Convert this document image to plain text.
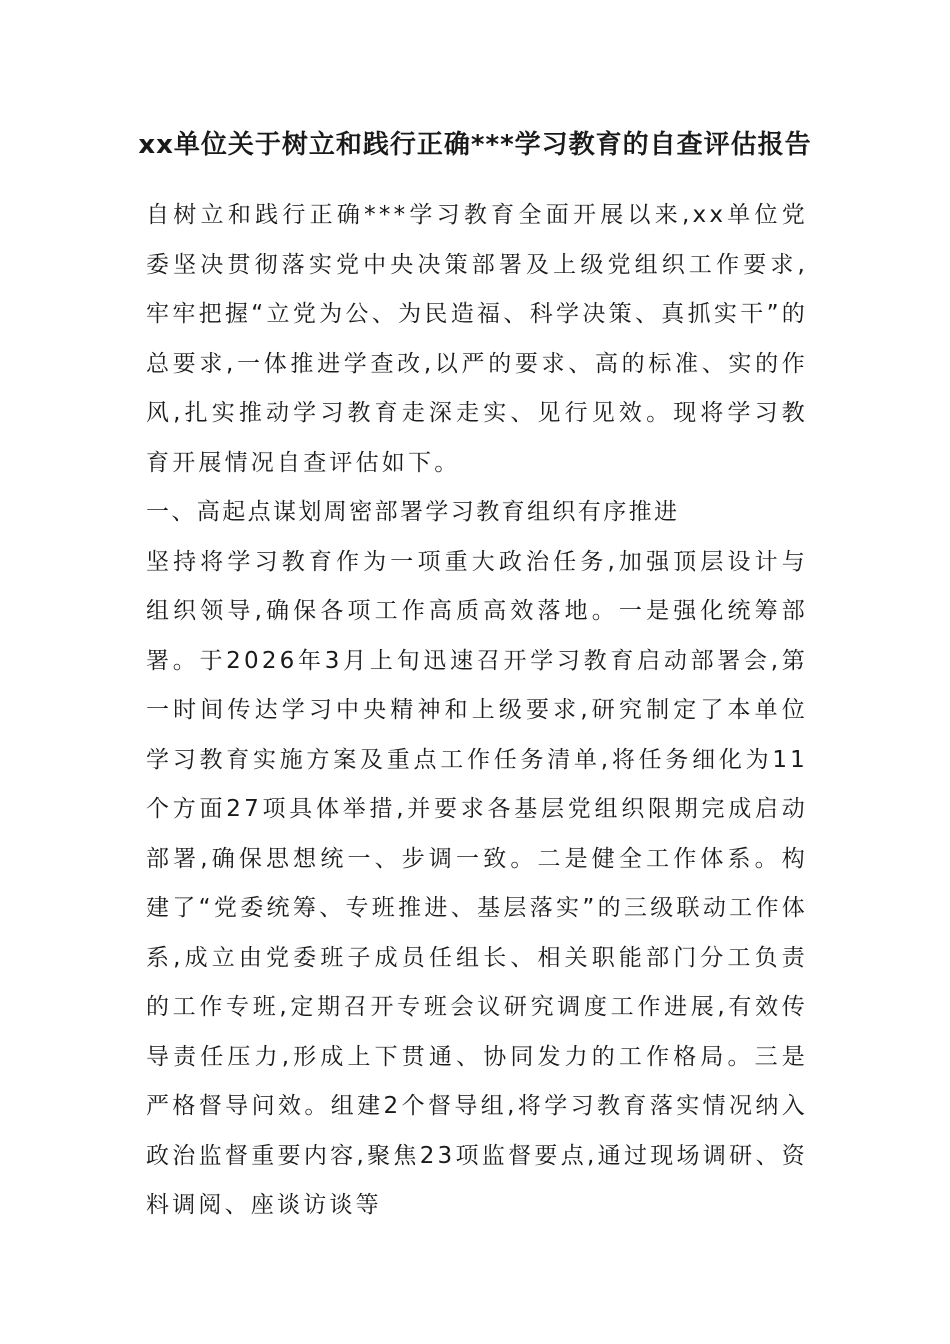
xx单位关于树立和践行正确***学习教育的自查评估报告

自树立和践行正确***学习教育全面开展以来,xx单位党委坚决贯彻落实党中央决策部署及上级党组织工作要求,牢牢把握“立党为公、为民造福、科学决策、真抓实干”的总要求,一体推进学查改,以严的要求、高的标准、实的作风,扎实推动学习教育走深走实、见行见效。现将学习教育开展情况自查评估如下。

一、高起点谋划周密部署学习教育组织有序推进

坚持将学习教育作为一项重大政治任务,加强顶层设计与组织领导,确保各项工作高质高效落地。一是强化统筹部署。于2026年3月上旬迅速召开学习教育启动部署会,第一时间传达学习中央精神和上级要求,研究制定了本单位学习教育实施方案及重点工作任务清单,将任务细化为11个方面27项具体举措,并要求各基层党组织限期完成启动部署,确保思想统一、步调一致。二是健全工作体系。构建了“党委统筹、专班推进、基层落实”的三级联动工作体系,成立由党委班子成员任组长、相关职能部门分工负责的工作专班,定期召开专班会议研究调度工作进展,有效传导责任压力,形成上下贯通、协同发力的工作格局。三是严格督导问效。组建2个督导组,将学习教育落实情况纳入政治监督重要内容,聚焦23项监督要点,通过现场调研、资料调阅、座谈访谈等
